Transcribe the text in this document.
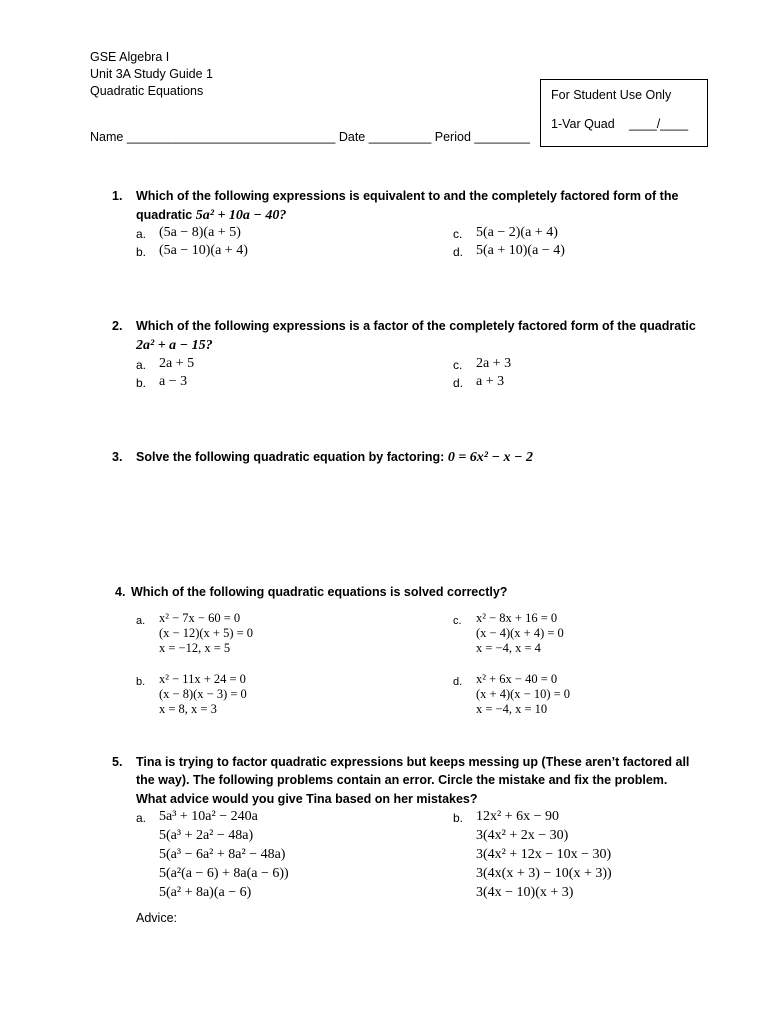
GSE Algebra I
Unit 3A Study Guide 1
Quadratic Equations
Name ______________________________ Date _________ Period ________
For Student Use Only
1-Var Quad ____/____
1. Which of the following expressions is equivalent to and the completely factored form of the
quadratic 5a² + 10a − 40?
a. (5a − 8)(a + 5)
b. (5a − 10)(a + 4)
c. 5(a − 2)(a + 4)
d. 5(a + 10)(a − 4)
2. Which of the following expressions is a factor of the completely factored form of the quadratic
2a² + a − 15?
a. 2a + 5
b. a − 3
c. 2a + 3
d. a + 3
3. Solve the following quadratic equation by factoring: 0 = 6x² − x − 2
4. Which of the following quadratic equations is solved correctly?
a. x² − 7x − 60 = 0
(x − 12)(x + 5) = 0
x = −12, x = 5
b. x² − 11x + 24 = 0
(x − 8)(x − 3) = 0
x = 8, x = 3
c. x² − 8x + 16 = 0
(x − 4)(x + 4) = 0
x = −4, x = 4
d. x² + 6x − 40 = 0
(x + 4)(x − 10) = 0
x = −4, x = 10
5. Tina is trying to factor quadratic expressions but keeps messing up (These aren’t factored all
the way). The following problems contain an error. Circle the mistake and fix the problem.
What advice would you give Tina based on her mistakes?
a. 5a³ + 10a² − 240a
5(a³ + 2a² − 48a)
5(a³ − 6a² + 8a² − 48a)
5(a²(a − 6) + 8a(a − 6))
5(a² + 8a)(a − 6)
b. 12x² + 6x − 90
3(4x² + 2x − 30)
3(4x² + 12x − 10x − 30)
3(4x(x + 3) − 10(x + 3))
3(4x − 10)(x + 3)
Advice:
